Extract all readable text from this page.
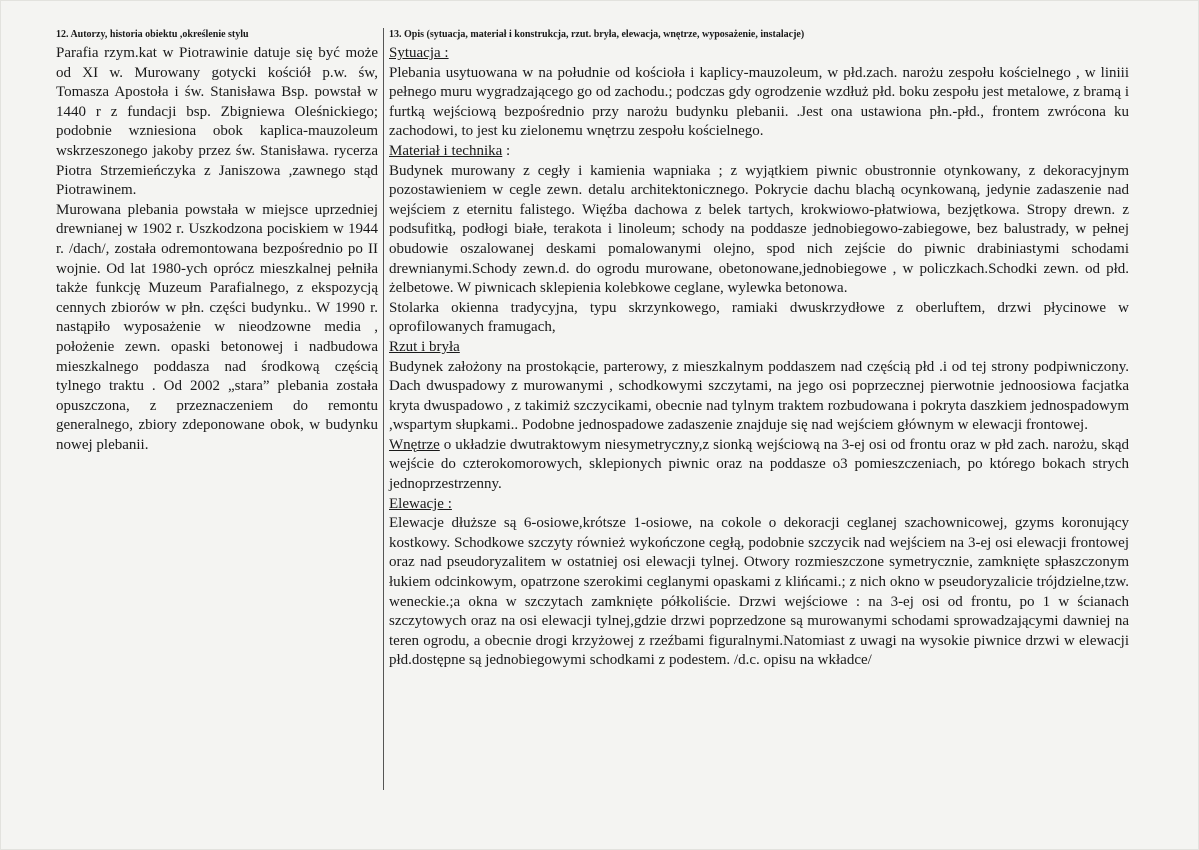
12. Autorzy, historia obiektu ,określenie stylu

Parafia rzym.kat w Piotrawinie datuje się być może od XI w. Murowany gotycki kościół p.w. św, Tomasza Apostoła i św. Stanisława Bsp. powstał w 1440 r z fundacji bsp. Zbigniewa Oleśnickiego; podobnie wzniesiona obok kaplica-mauzoleum wskrzeszonego jakoby przez św. Stanisława. rycerza Piotra Strzemieńczyka z Janiszowa ,zawnego stąd Piotrawinem.

Murowana plebania powstała w miejsce uprzedniej drewnianej w 1902 r. Uszkodzona pociskiem w 1944 r. /dach/, została odremontowana bezpośrednio po II wojnie. Od lat 1980-ych oprócz mieszkalnej pełniła także funkcję Muzeum Parafialnego, z ekspozycją cennych zbiorów w płn. części budynku.. W 1990 r. nastąpiło wyposażenie w nieodzowne media , położenie zewn. opaski betonowej i nadbudowa mieszkalnego poddasza nad środkową częścią tylnego traktu . Od 2002 „stara” plebania została opuszczona, z przeznaczeniem do remontu generalnego, zbiory zdeponowane obok, w budynku nowej plebanii.

13. Opis (sytuacja, materiał i konstrukcja, rzut. bryła, elewacja, wnętrze, wyposażenie, instalacje)
Sytuacja :

Plebania usytuowana w na południe od kościoła i kaplicy-mauzoleum, w płd.zach. narożu zespołu kościelnego , w liniii pełnego muru wygradzającego go od zachodu.; podczas gdy ogrodzenie wzdłuż płd. boku zespołu jest metalowe, z bramą i furtką wejściową bezpośrednio przy narożu budynku plebanii. .Jest ona ustawiona płn.-płd., frontem zwrócona ku zachodowi, to jest ku zielonemu wnętrzu zespołu kościelnego.

Materiał i technika :

Budynek murowany z cegły i kamienia wapniaka ; z wyjątkiem piwnic obustronnie otynkowany, z dekoracyjnym pozostawieniem w cegle zewn. detalu architektonicznego. Pokrycie dachu blachą ocynkowaną, jedynie zadaszenie nad wejściem z eternitu falistego. Więźba dachowa z belek tartych, krokwiowo-płatwiowa, bezjętkowa. Stropy drewn. z podsufitką, podłogi białe, terakota i linoleum; schody na poddasze jednobiegowo-zabiegowe, bez balustrady, w pełnej obudowie oszalowanej deskami pomalowanymi olejno, spod nich zejście do piwnic drabiniastymi schodami drewnianymi.Schody zewn.d. do ogrodu murowane, obetonowane,jednobiegowe , w policzkach.Schodki zewn. od płd. żelbetowe. W piwnicach sklepienia kolebkowe ceglane, wylewka betonowa.

Stolarka okienna tradycyjna, typu skrzynkowego, ramiaki dwuskrzydłowe z oberluftem, drzwi płycinowe w oprofilowanych framugach,

Rzut i bryła

Budynek założony na prostokącie, parterowy, z mieszkalnym poddaszem nad częścią płd .i od tej strony podpiwniczony. Dach dwuspadowy z murowanymi , schodkowymi szczytami, na jego osi poprzecznej pierwotnie jednoosiowa facjatka kryta dwuspadowo , z takimiż szczycikami, obecnie nad tylnym traktem rozbudowana i pokryta daszkiem jednospadowym ,wspartym słupkami.. Podobne jednospadowe zadaszenie znajduje się nad wejściem głównym w elewacji frontowej.

Wnętrze o układzie dwutraktowym niesymetryczny,z sionką wejściową na 3-ej osi od frontu oraz w płd zach. narożu, skąd wejście do czterokomorowych, sklepionych piwnic oraz na poddasze o3 pomieszczeniach, po którego bokach strych jednoprzestrzenny.

Elewacje :

Elewacje dłuższe są 6-osiowe,krótsze 1-osiowe, na cokole o dekoracji ceglanej szachownicowej, gzyms koronujący kostkowy. Schodkowe szczyty również wykończone cegłą, podobnie szczycik nad wejściem na 3-ej osi elewacji frontowej oraz nad pseudoryzalitem w ostatniej osi elewacji tylnej. Otwory rozmieszczone symetrycznie, zamknięte spłaszczonym łukiem odcinkowym, opatrzone szerokimi ceglanymi opaskami z klińcami.; z nich okno w pseudoryzalicie trójdzielne,tzw. weneckie.;a okna w szczytach zamknięte półkoliście. Drzwi wejściowe : na 3-ej osi od frontu, po 1 w ścianach szczytowych oraz na osi elewacji tylnej,gdzie drzwi poprzedzone są murowanymi schodami sprowadzającymi dawniej na teren ogrodu, a obecnie drogi krzyżowej z rzeźbami figuralnymi.Natomiast z uwagi na wysokie piwnice drzwi w elewacji płd.dostępne są jednobiegowymi schodkami z podestem. /d.c. opisu na wkładce/
